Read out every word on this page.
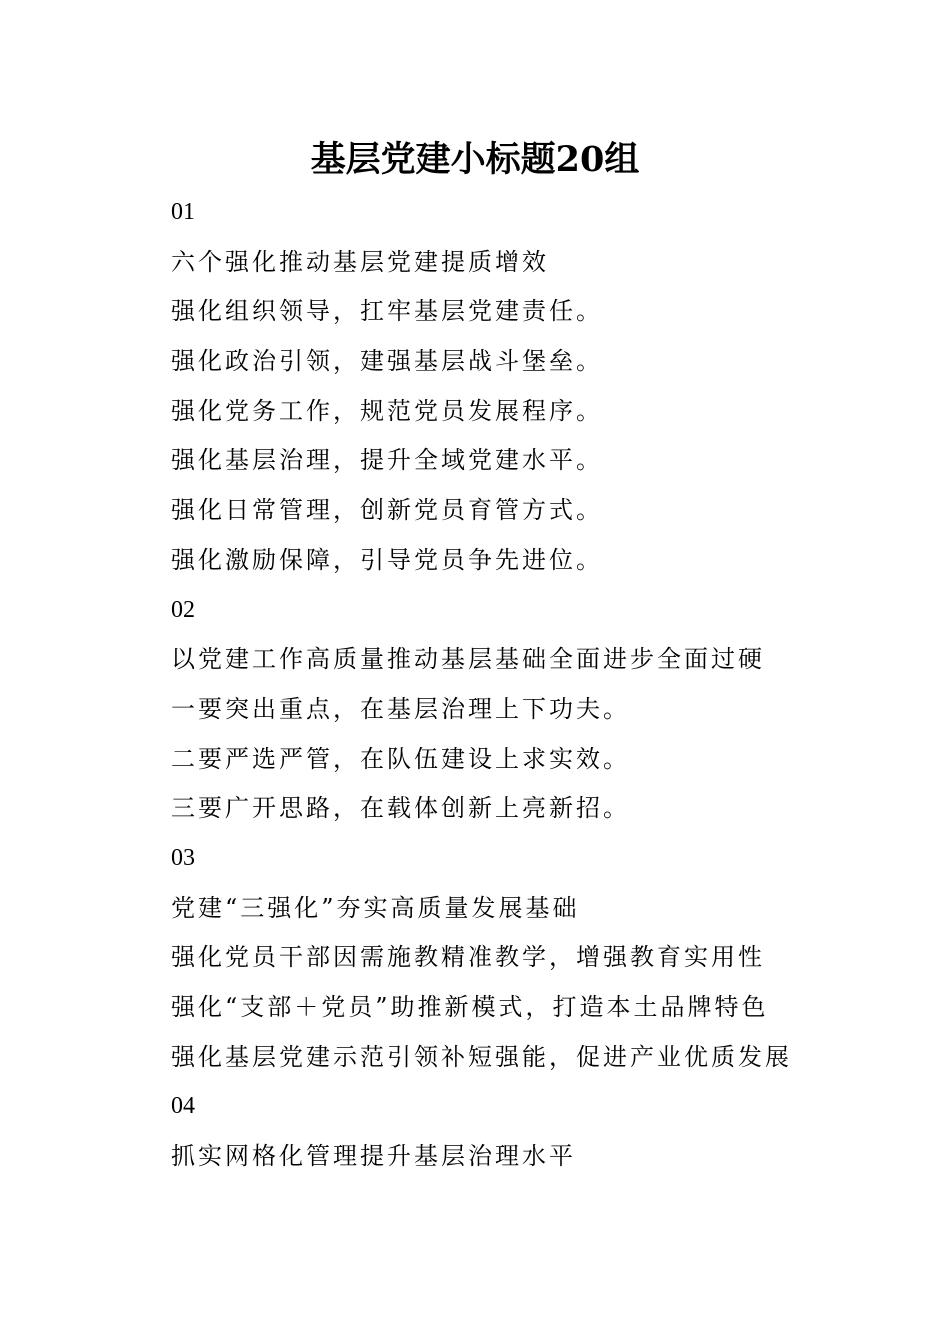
基层党建小标题20组
01
六个强化推动基层党建提质增效
强化组织领导，扛牢基层党建责任。
强化政治引领，建强基层战斗堡垒。
强化党务工作，规范党员发展程序。
强化基层治理，提升全域党建水平。
强化日常管理，创新党员育管方式。
强化激励保障，引导党员争先进位。
02
以党建工作高质量推动基层基础全面进步全面过硬
一要突出重点，在基层治理上下功夫。
二要严选严管，在队伍建设上求实效。
三要广开思路，在载体创新上亮新招。
03
党建“三强化”夯实高质量发展基础
强化党员干部因需施教精准教学，增强教育实用性
强化“支部＋党员”助推新模式，打造本土品牌特色
强化基层党建示范引领补短强能，促进产业优质发展
04
抓实网格化管理提升基层治理水平
